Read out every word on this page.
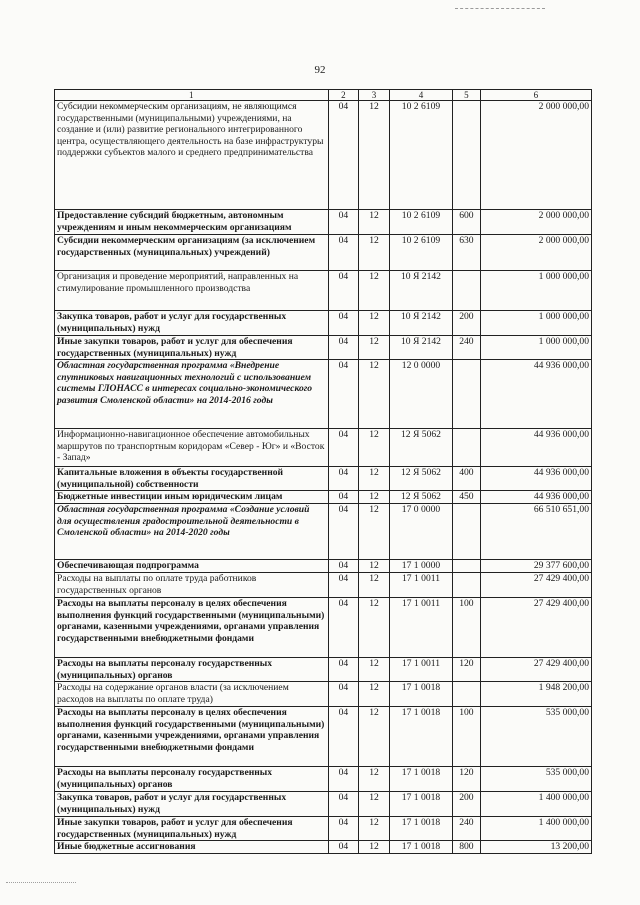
92
1	2	3	4	5	6
Субсидии некоммерческим организациям, не являющимся государственными (муниципальными) учреждениями, на создание и (или) развитие регионального интегрированного центра, осуществляющего деятельность на базе инфраструктуры поддержки субъектов малого и среднего предпринимательства	04	12	10 2 6109		2 000 000,00
Предоставление субсидий бюджетным, автономным учреждениям и иным некоммерческим организациям	04	12	10 2 6109	600	2 000 000,00
Субсидии некоммерческим организациям (за исключением государственных (муниципальных) учреждений)	04	12	10 2 6109	630	2 000 000,00
Организация и проведение мероприятий, направленных на стимулирование промышленного производства	04	12	10 Я 2142		1 000 000,00
Закупка товаров, работ и услуг для государственных (муниципальных) нужд	04	12	10 Я 2142	200	1 000 000,00
Иные закупки товаров, работ и услуг для обеспечения государственных (муниципальных) нужд	04	12	10 Я 2142	240	1 000 000,00
Областная государственная программа «Внедрение спутниковых навигационных технологий с использованием системы ГЛОНАСС в интересах социально-экономического развития Смоленской области» на 2014-2016 годы	04	12	12 0 0000		44 936 000,00
Информационно-навигационное обеспечение автомобильных маршрутов по транспортным коридорам «Север - Юг» и «Восток - Запад»	04	12	12 Я 5062		44 936 000,00
Капитальные вложения в объекты государственной (муниципальной) собственности	04	12	12 Я 5062	400	44 936 000,00
Бюджетные инвестиции иным юридическим лицам	04	12	12 Я 5062	450	44 936 000,00
Областная государственная программа «Создание условий для осуществления градостроительной деятельности в Смоленской области» на 2014-2020 годы	04	12	17 0 0000		66 510 651,00
Обеспечивающая подпрограмма	04	12	17 1 0000		29 377 600,00
Расходы на выплаты по оплате труда работников государственных органов	04	12	17 1 0011		27 429 400,00
Расходы на выплаты персоналу в целях обеспечения выполнения функций государственными (муниципальными) органами, казенными учреждениями, органами управления государственными внебюджетными фондами	04	12	17 1 0011	100	27 429 400,00
Расходы на выплаты персоналу государственных (муниципальных) органов	04	12	17 1 0011	120	27 429 400,00
Расходы на содержание органов власти (за исключением расходов на выплаты по оплате труда)	04	12	17 1 0018		1 948 200,00
Расходы на выплаты персоналу в целях обеспечения выполнения функций государственными (муниципальными) органами, казенными учреждениями, органами управления государственными внебюджетными фондами	04	12	17 1 0018	100	535 000,00
Расходы на выплаты персоналу государственных (муниципальных) органов	04	12	17 1 0018	120	535 000,00
Закупка товаров, работ и услуг для государственных (муниципальных) нужд	04	12	17 1 0018	200	1 400 000,00
Иные закупки товаров, работ и услуг для обеспечения государственных (муниципальных) нужд	04	12	17 1 0018	240	1 400 000,00
Иные бюджетные ассигнования	04	12	17 1 0018	800	13 200,00
